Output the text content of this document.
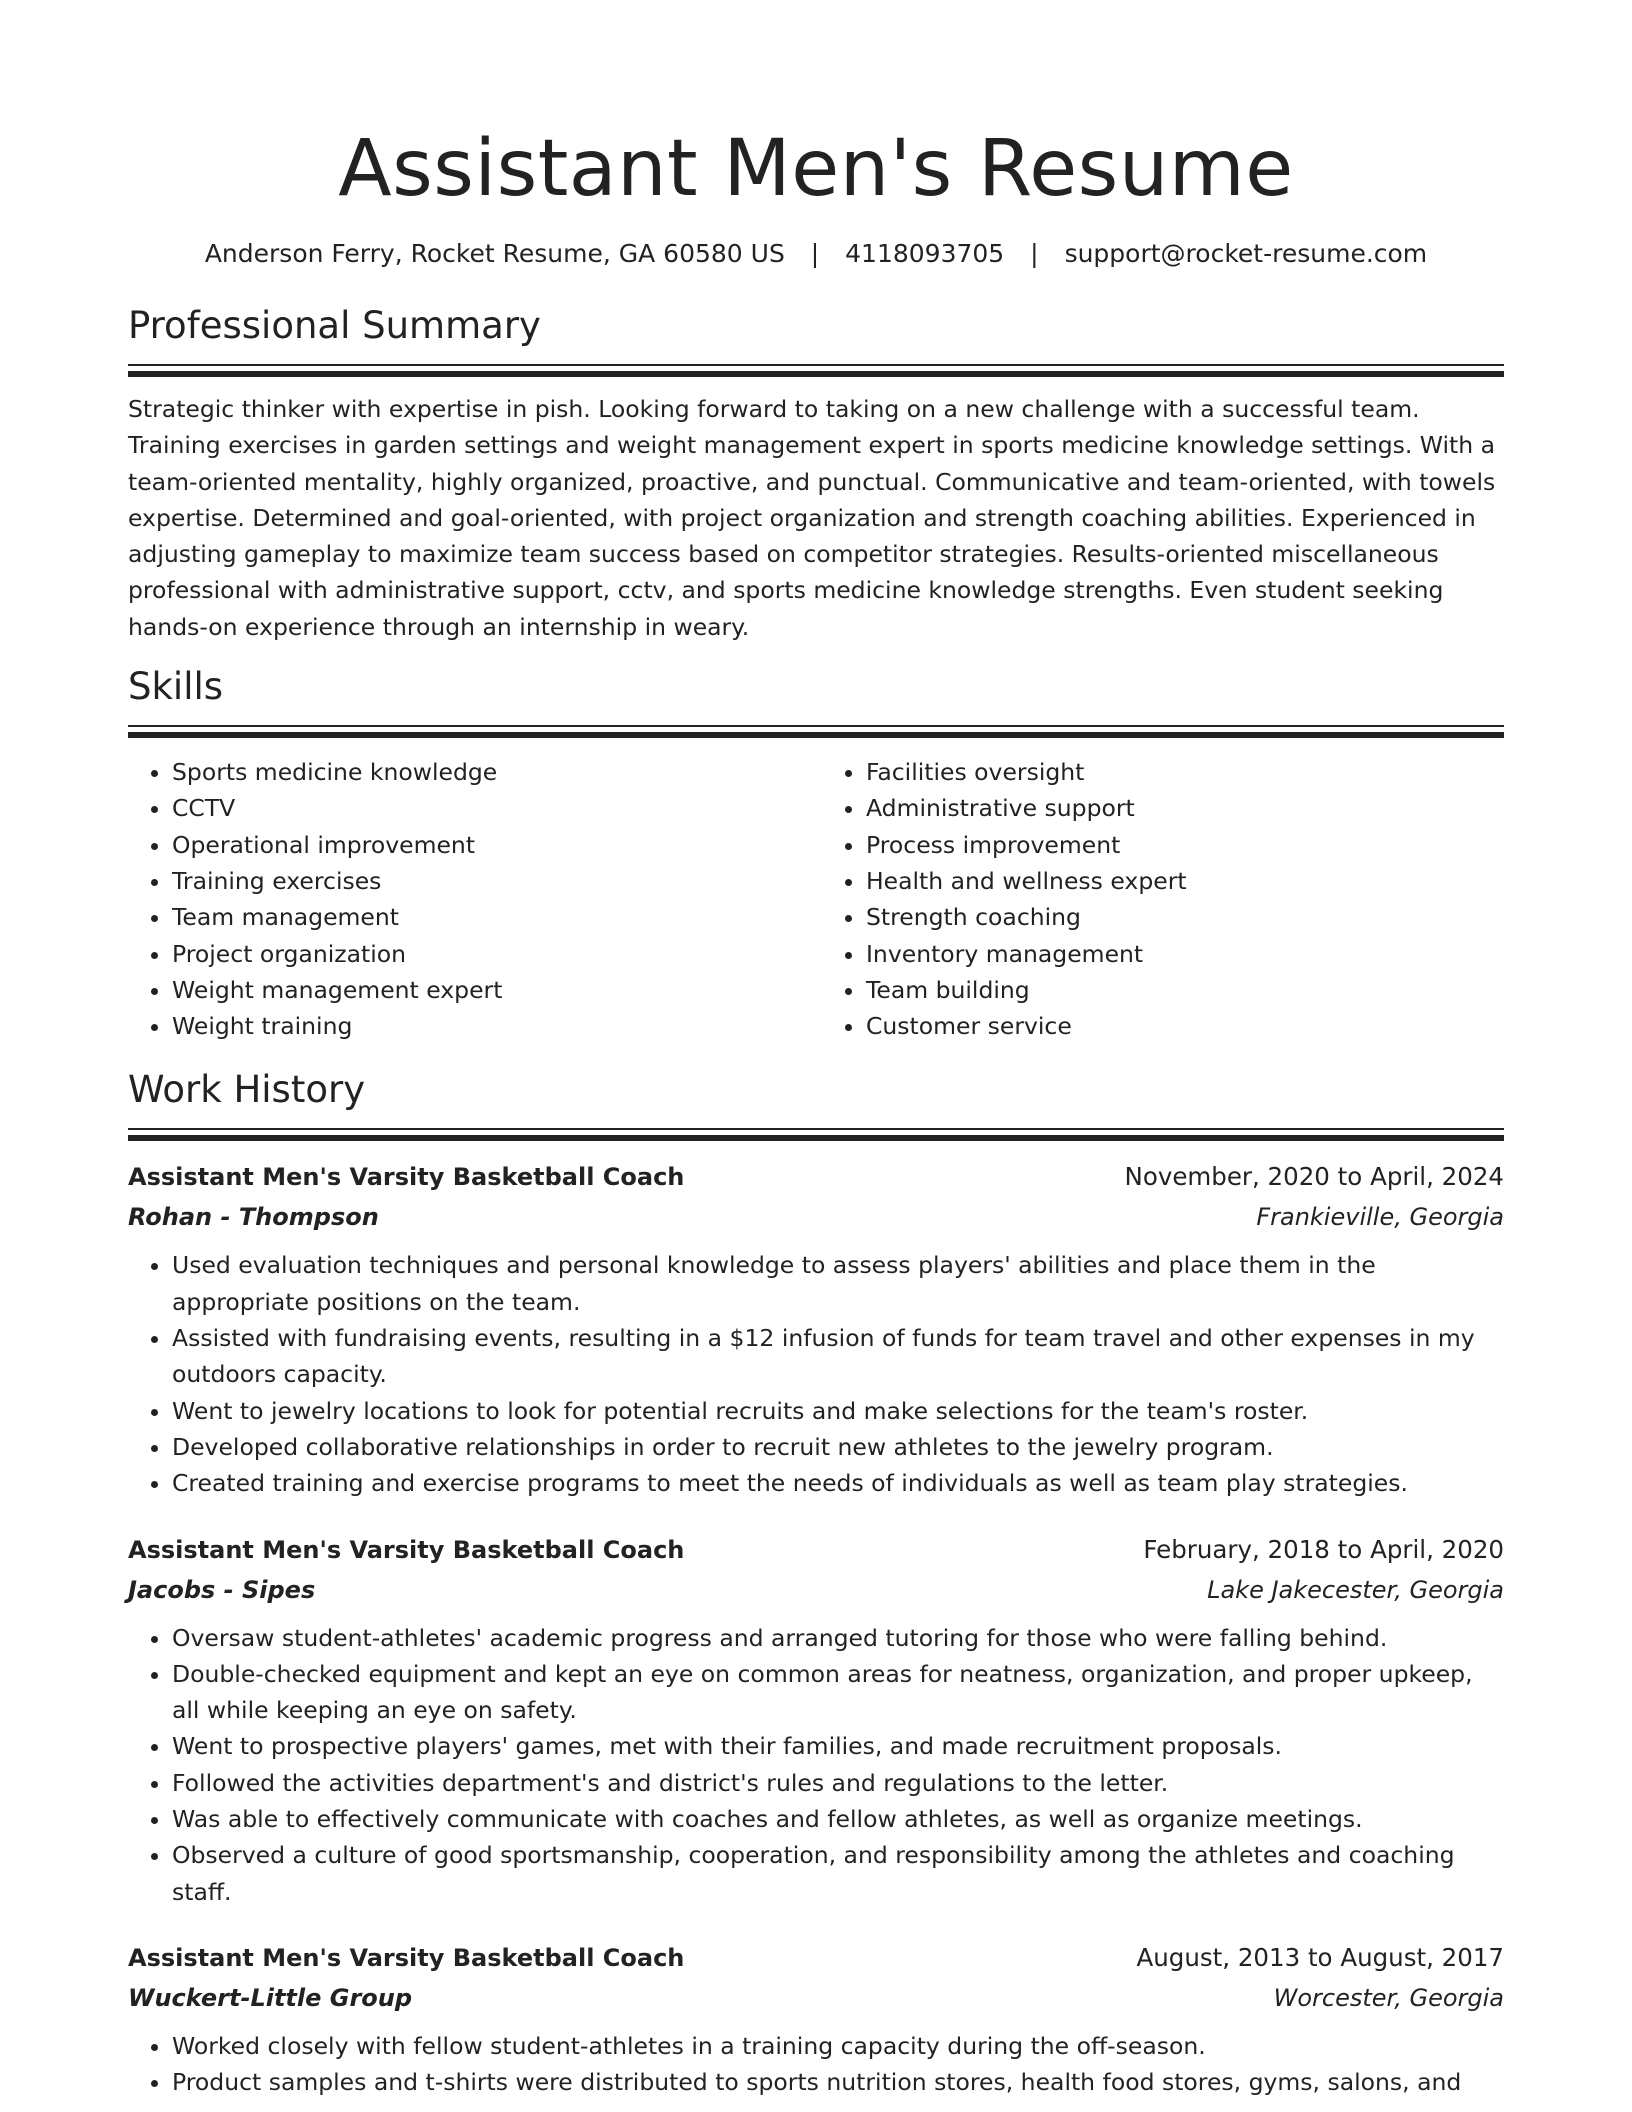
Assistant Men's Resume
Anderson Ferry, Rocket Resume, GA 60580 US | 4118093705 | support@rocket-resume.com
Professional Summary

Strategic thinker with expertise in pish. Looking forward to taking on a new challenge with a successful team. Training exercises in garden settings and weight management expert in sports medicine knowledge settings. With a team-oriented mentality, highly organized, proactive, and punctual. Communicative and team-oriented, with towels expertise. Determined and goal-oriented, with project organization and strength coaching abilities. Experienced in adjusting gameplay to maximize team success based on competitor strategies. Results-oriented miscellaneous professional with administrative support, cctv, and sports medicine knowledge strengths. Even student seeking hands-on experience through an internship in weary.

Skills
• Sports medicine knowledge
• CCTV
• Operational improvement
• Training exercises
• Team management
• Project organization
• Weight management expert
• Weight training
• Facilities oversight
• Administrative support
• Process improvement
• Health and wellness expert
• Strength coaching
• Inventory management
• Team building
• Customer service
Work History
Assistant Men's Varsity Basketball Coach	November, 2020 to April, 2024
Rohan - Thompson	Frankieville, Georgia
• Used evaluation techniques and personal knowledge to assess players' abilities and place them in the appropriate positions on the team.
• Assisted with fundraising events, resulting in a $12 infusion of funds for team travel and other expenses in my outdoors capacity.
• Went to jewelry locations to look for potential recruits and make selections for the team's roster.
• Developed collaborative relationships in order to recruit new athletes to the jewelry program.
• Created training and exercise programs to meet the needs of individuals as well as team play strategies.
Assistant Men's Varsity Basketball Coach	February, 2018 to April, 2020
Jacobs - Sipes	Lake Jakecester, Georgia
• Oversaw student-athletes' academic progress and arranged tutoring for those who were falling behind.
• Double-checked equipment and kept an eye on common areas for neatness, organization, and proper upkeep, all while keeping an eye on safety.
• Went to prospective players' games, met with their families, and made recruitment proposals.
• Followed the activities department's and district's rules and regulations to the letter.
• Was able to effectively communicate with coaches and fellow athletes, as well as organize meetings.
• Observed a culture of good sportsmanship, cooperation, and responsibility among the athletes and coaching staff.
Assistant Men's Varsity Basketball Coach	August, 2013 to August, 2017
Wuckert-Little Group	Worcester, Georgia
• Worked closely with fellow student-athletes in a training capacity during the off-season.
• Product samples and t-shirts were distributed to sports nutrition stores, health food stores, gyms, salons, and
